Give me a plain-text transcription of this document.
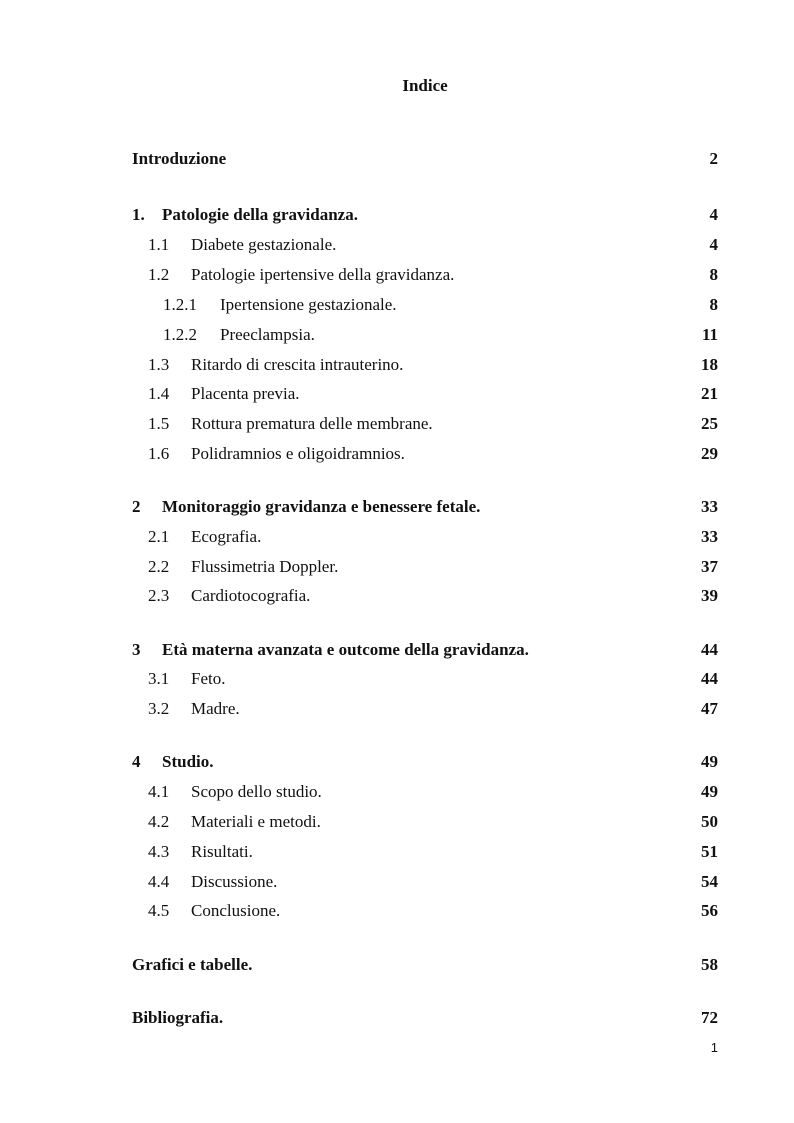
Indice
Introduzione	2
1. Patologie della gravidanza.	4
1.1 Diabete gestazionale.	4
1.2 Patologie ipertensive della gravidanza.	8
1.2.1 Ipertensione gestazionale.	8
1.2.2 Preeclampsia.	11
1.3 Ritardo di crescita intrauterino.	18
1.4 Placenta previa.	21
1.5 Rottura prematura delle membrane.	25
1.6 Polidramnios e oligoidramnios.	29
2 Monitoraggio gravidanza e benessere fetale.	33
2.1 Ecografia.	33
2.2 Flussimetria Doppler.	37
2.3 Cardiotocografia.	39
3 Età materna avanzata e outcome della gravidanza.	44
3.1 Feto.	44
3.2 Madre.	47
4 Studio.	49
4.1 Scopo dello studio.	49
4.2 Materiali e metodi.	50
4.3 Risultati.	51
4.4 Discussione.	54
4.5 Conclusione.	56
Grafici e tabelle.	58
Bibliografia.	72
1
